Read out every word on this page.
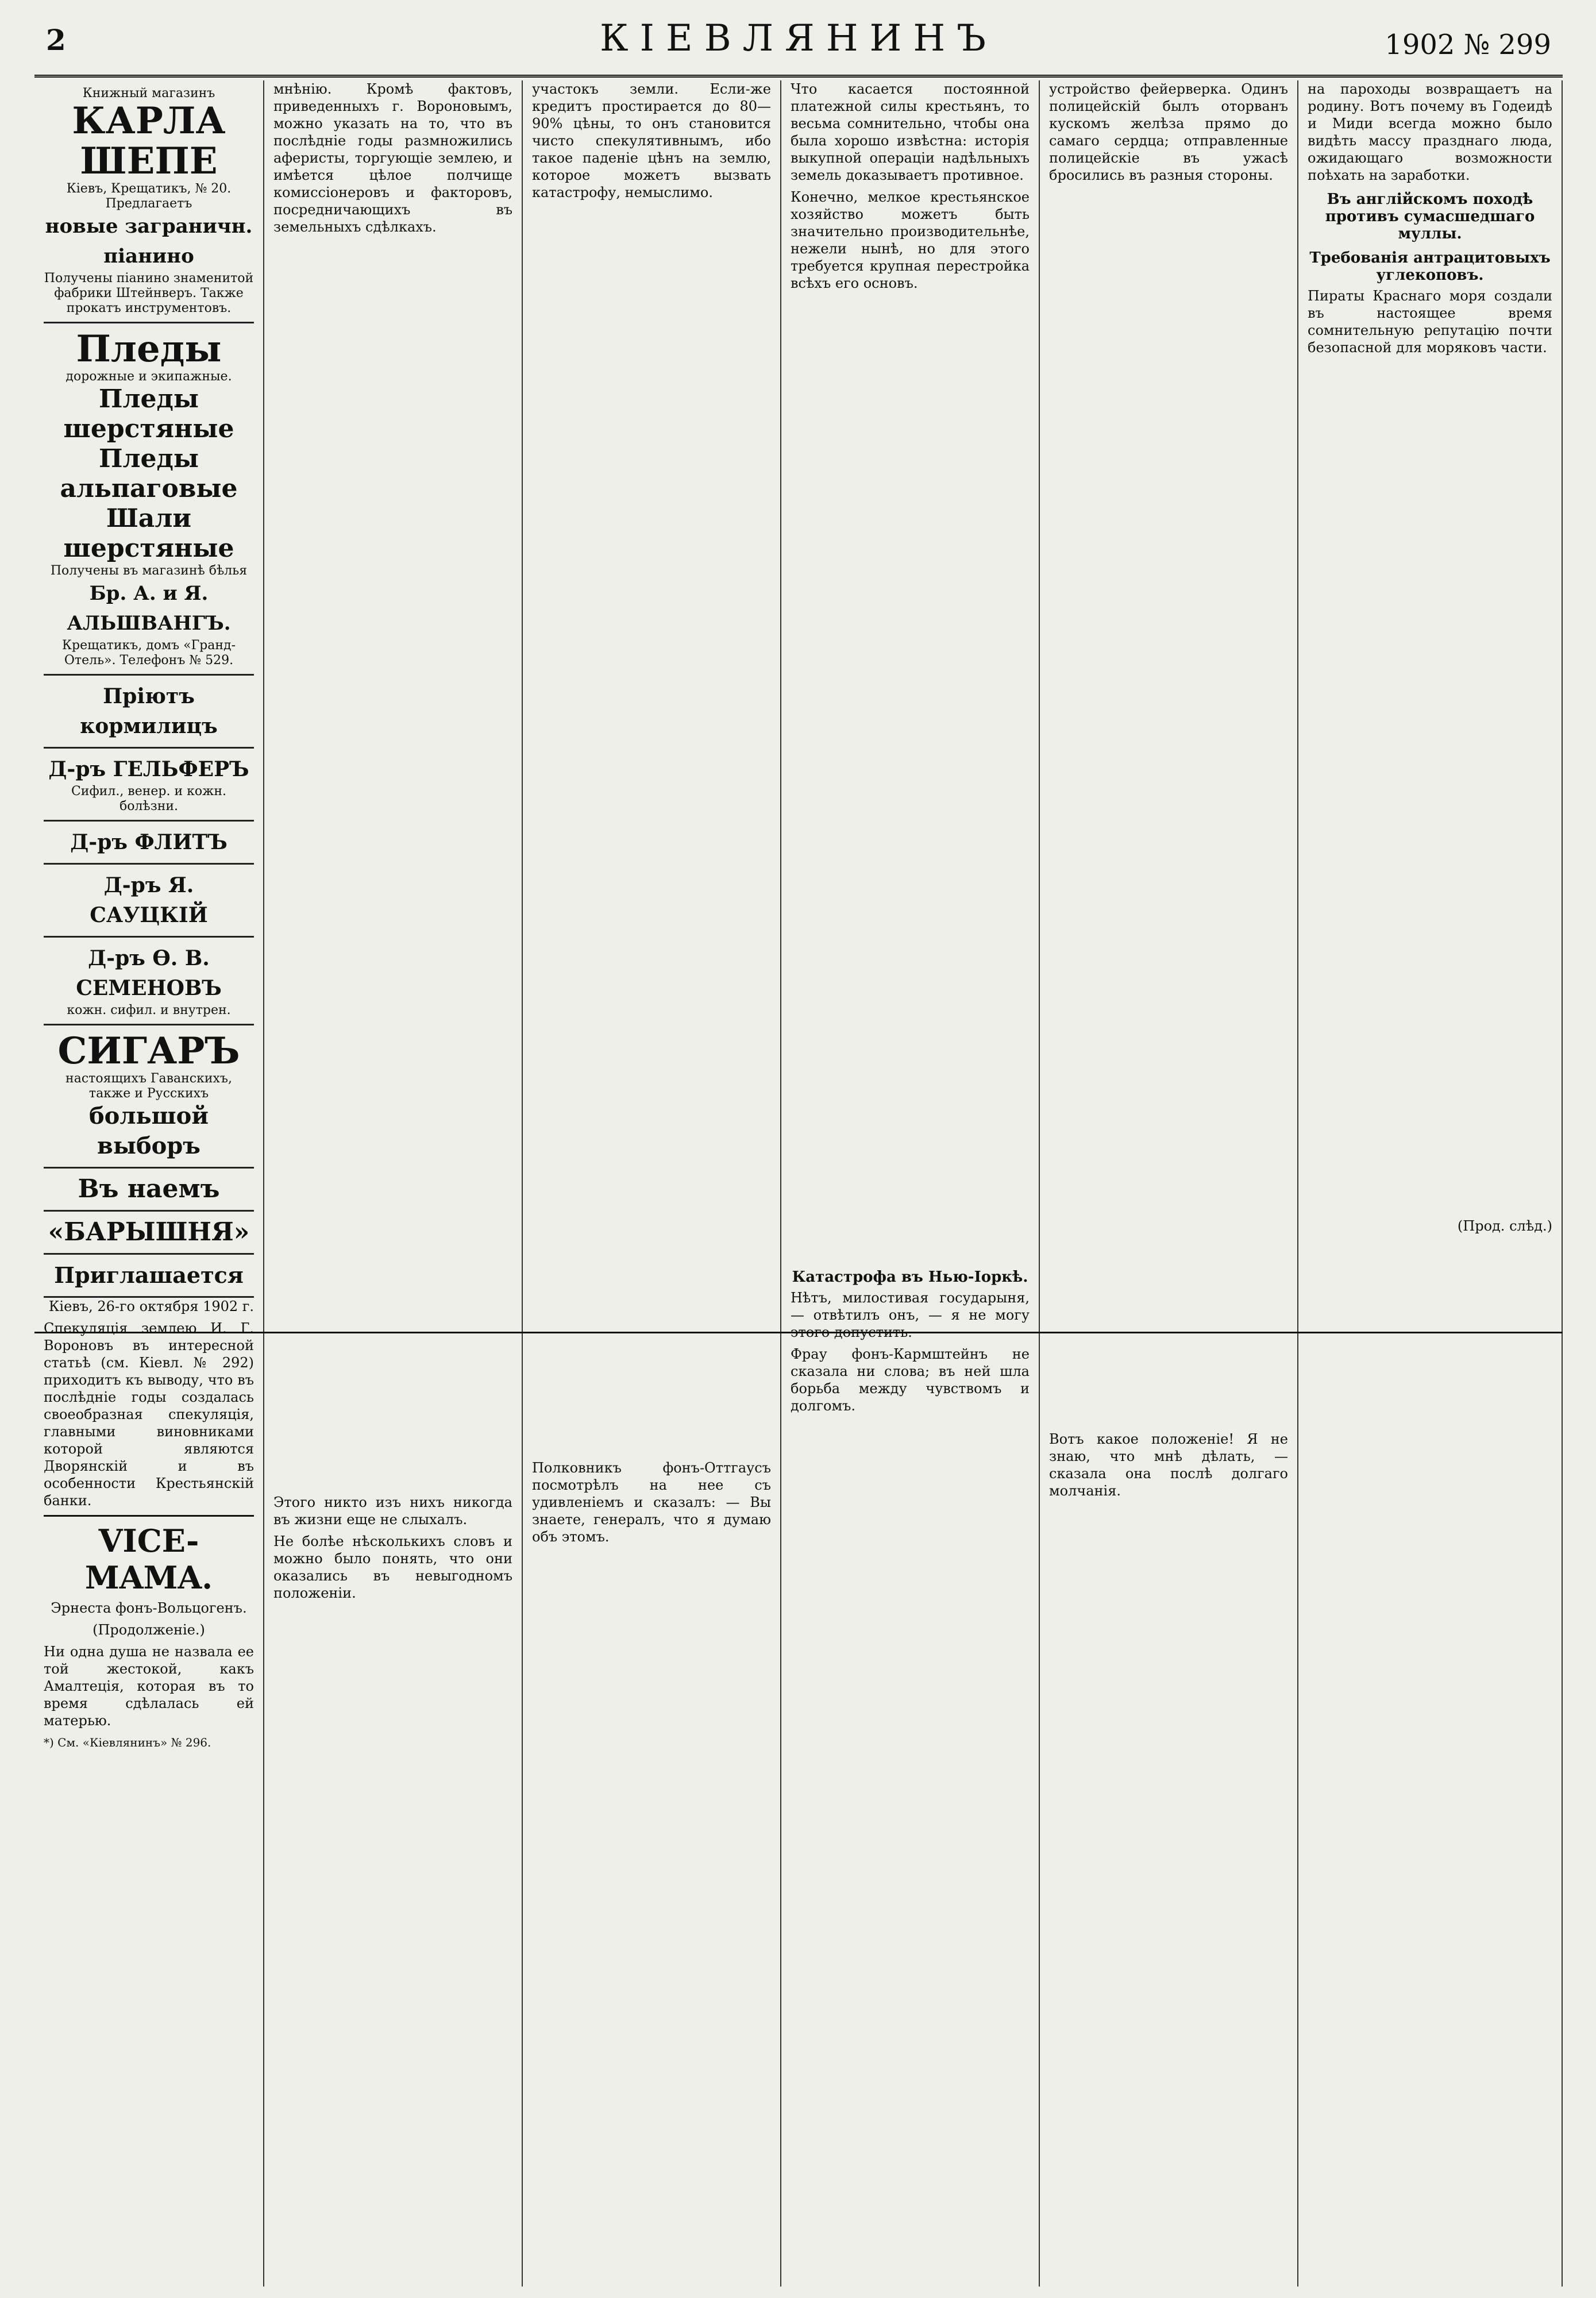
2	КІЕВЛЯНИНЪ	1902 № 299
Книжный магазинъ
КАРЛА ШЕПЕ
Кіевъ, Крещатикъ, № 20. Предлагаетъ
новые заграничн. піанино
Получены піанино знаменитой фабрики Штейнверъ. Также прокатъ инструментовъ.
Пледы
дорожные и экипажные.
Пледы шерстяные
Пледы альпаговые
Шали шерстяные
Получены въ магазинѣ бѣлья
Бр. А. и Я. АЛЬШВАНГЪ.
Крещатикъ, домъ «Гранд-Отель». Телефонъ № 529.
Пріютъ кормилицъ
Д-ръ ГЕЛЬФЕРЪ
Сифил., венер. и кожн. болѣзни.
Д-ръ ФЛИТЪ
Д-ръ Я. САУЦКІЙ
Д-ръ Ѳ. В. СЕМЕНОВЪ
кожн. сифил. и внутрен.
СИГАРЪ
настоящихъ Гаванскихъ, также и Русскихъ
большой выборъ
Въ наемъ
«БАРЫШНЯ»
Приглашается

Кіевъ, 26-го октября 1902 г.

Спекуляція землею И. Г. Вороновъ въ интересной статьѣ (см. Кіевл. № 292) приходитъ къ выводу, что въ послѣдніе годы создалась своеобразная спекуляція, главными виновниками которой являются Дворянскій и въ особенности Крестьянскій банки.

VICE-MAMA.

Эрнеста фонъ-Вольцогенъ.

(Продолженіе.)

Ни одна душа не назвала ее той жестокой, какъ Амалтеція, которая въ то время сдѣлалась ей матерью.

*) См. «Кіевлянинъ» № 296.

мнѣнію. Кромѣ фактовъ, приведенныхъ г. Вороновымъ, можно указать на то, что въ послѣдніе годы размножились аферисты, торгующіе землею, и имѣется цѣлое полчище комиссіонеровъ и факторовъ, посредничающихъ въ земельныхъ сдѣлкахъ.

Этого никто изъ нихъ никогда въ жизни еще не слыхалъ.

Не болѣе нѣсколькихъ словъ и можно было понять, что они оказались въ невыгодномъ положеніи.

участокъ земли. Если-же кредитъ простирается до 80—90% цѣны, то онъ становится чисто спекулятивнымъ, ибо такое паденіе цѣнъ на землю, которое можетъ вызвать катастрофу, немыслимо.

Полковникъ фонъ-Оттгаусъ посмотрѣлъ на нее съ удивленіемъ и сказалъ: — Вы знаете, генералъ, что я думаю объ этомъ.

Что касается постоянной платежной силы крестьянъ, то весьма сомнительно, чтобы она была хорошо извѣстна: исторія выкупной операціи надѣльныхъ земель доказываетъ противное.

Конечно, мелкое крестьянское хозяйство можетъ быть значительно производительнѣе, нежели нынѣ, но для этого требуется крупная перестройка всѣхъ его основъ.

Катастрофа въ Нью-Іоркѣ.

Нѣтъ, милостивая государыня, — отвѣтилъ онъ, — я не могу этого допустить.

Фрау фонъ-Кармштейнъ не сказала ни слова; въ ней шла борьба между чувствомъ и долгомъ.

устройство фейерверка. Одинъ полицейскій былъ оторванъ кускомъ желѣза прямо до самаго сердца; отправленные полицейскіе въ ужасѣ бросились въ разныя стороны.

Вотъ какое положеніе! Я не знаю, что мнѣ дѣлать, — сказала она послѣ долгаго молчанія.

на пароходы возвращаетъ на родину. Вотъ почему въ Годеидѣ и Миди всегда можно было видѣть массу празднаго люда, ожидающаго возможности поѣхать на заработки.

Въ англійскомъ походѣ противъ сумасшедшаго муллы.
Требованія антрацитовыхъ углекоповъ.

Пираты Краснаго моря создали въ настоящее время сомнительную репутацію почти безопасной для моряковъ части.

(Прод. слѣд.)
